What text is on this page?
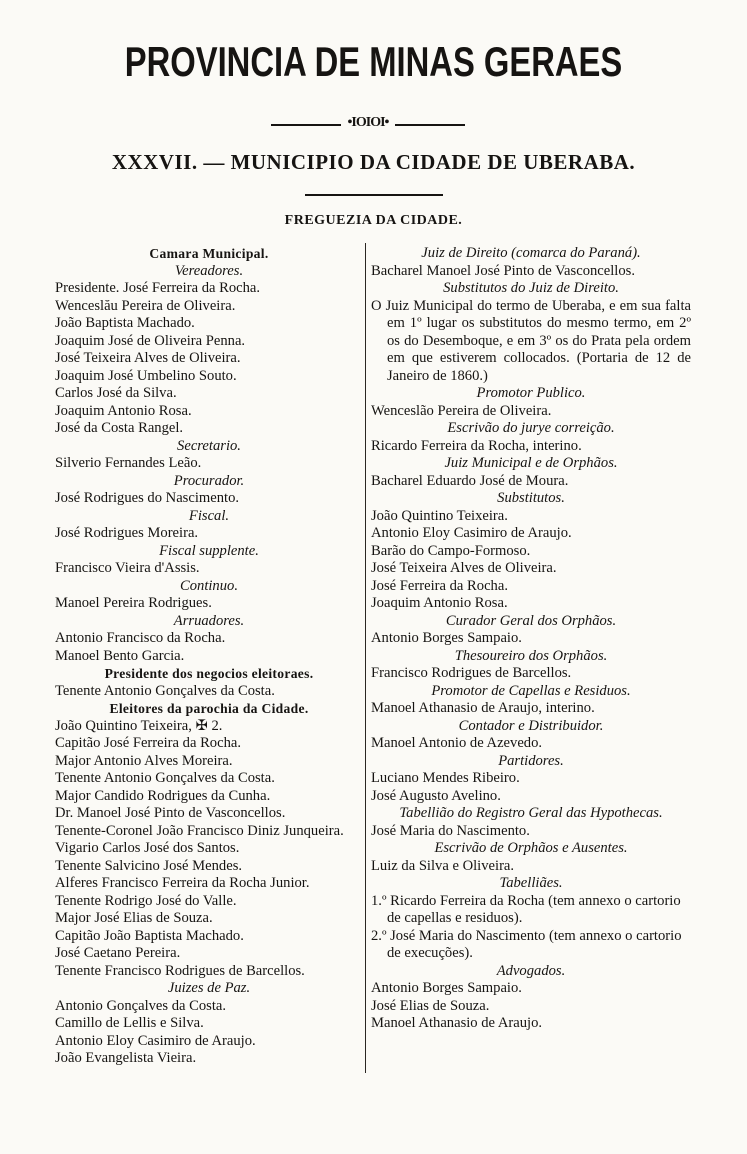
PROVINCIA DE MINAS GERAES
•IOIOI•
XXXVII. — MUNICIPIO DA CIDADE DE UBERABA.
FREGUEZIA DA CIDADE.
Camara Municipal.
Vereadores.
Presidente. José Ferreira da Rocha.
Wenceslău Pereira de Oliveira.
João Baptista Machado.
Joaquim José de Oliveira Penna.
José Teixeira Alves de Oliveira.
Joaquim José Umbelino Souto.
Carlos José da Silva.
Joaquim Antonio Rosa.
José da Costa Rangel.
Secretario.
Silverio Fernandes Leão.
Procurador.
José Rodrigues do Nascimento.
Fiscal.
José Rodrigues Moreira.
Fiscal supplente.
Francisco Vieira d'Assis.
Continuo.
Manoel Pereira Rodrigues.
Arruadores.
Antonio Francisco da Rocha.
Manoel Bento Garcia.
Presidente dos negocios eleitoraes.
Tenente Antonio Gonçalves da Costa.
Eleitores da parochia da Cidade.
João Quintino Teixeira, ✠ 2.
Capitão José Ferreira da Rocha.
Major Antonio Alves Moreira.
Tenente Antonio Gonçalves da Costa.
Major Candido Rodrigues da Cunha.
Dr. Manoel José Pinto de Vasconcellos.
Tenente-Coronel João Francisco Diniz Junqueira.
Vigario Carlos José dos Santos.
Tenente Salvicino José Mendes.
Alferes Francisco Ferreira da Rocha Junior.
Tenente Rodrigo José do Valle.
Major José Elias de Souza.
Capitão João Baptista Machado.
José Caetano Pereira.
Tenente Francisco Rodrigues de Barcellos.
Juizes de Paz.
Antonio Gonçalves da Costa.
Camillo de Lellis e Silva.
Antonio Eloy Casimiro de Araujo.
João Evangelista Vieira.
Juiz de Direito (comarca do Paraná).
Bacharel Manoel José Pinto de Vasconcellos.
Substitutos do Juiz de Direito.
O Juiz Municipal do termo de Uberaba, e em sua falta em 1º lugar os substitutos do mesmo termo, em 2º os do Desemboque, e em 3º os do Prata pela ordem em que estiverem collocados. (Portaria de 12 de Janeiro de 1860.)
Promotor Publico.
Wenceslão Pereira de Oliveira.
Escrivão do jurye correição.
Ricardo Ferreira da Rocha, interino.
Juiz Municipal e de Orphãos.
Bacharel Eduardo José de Moura.
Substitutos.
João Quintino Teixeira.
Antonio Eloy Casimiro de Araujo.
Barão do Campo-Formoso.
José Teixeira Alves de Oliveira.
José Ferreira da Rocha.
Joaquim Antonio Rosa.
Curador Geral dos Orphãos.
Antonio Borges Sampaio.
Thesoureiro dos Orphãos.
Francisco Rodrigues de Barcellos.
Promotor de Capellas e Residuos.
Manoel Athanasio de Araujo, interino.
Contador e Distribuidor.
Manoel Antonio de Azevedo.
Partidores.
Luciano Mendes Ribeiro.
José Augusto Avelino.
Tabellião do Registro Geral das Hypothecas.
José Maria do Nascimento.
Escrivão de Orphãos e Ausentes.
Luiz da Silva e Oliveira.
Tabelliães.
1.º Ricardo Ferreira da Rocha (tem annexo o cartorio de capellas e residuos).
2.º José Maria do Nascimento (tem annexo o cartorio de execuções).
Advogados.
Antonio Borges Sampaio.
José Elias de Souza.
Manoel Athanasio de Araujo.
